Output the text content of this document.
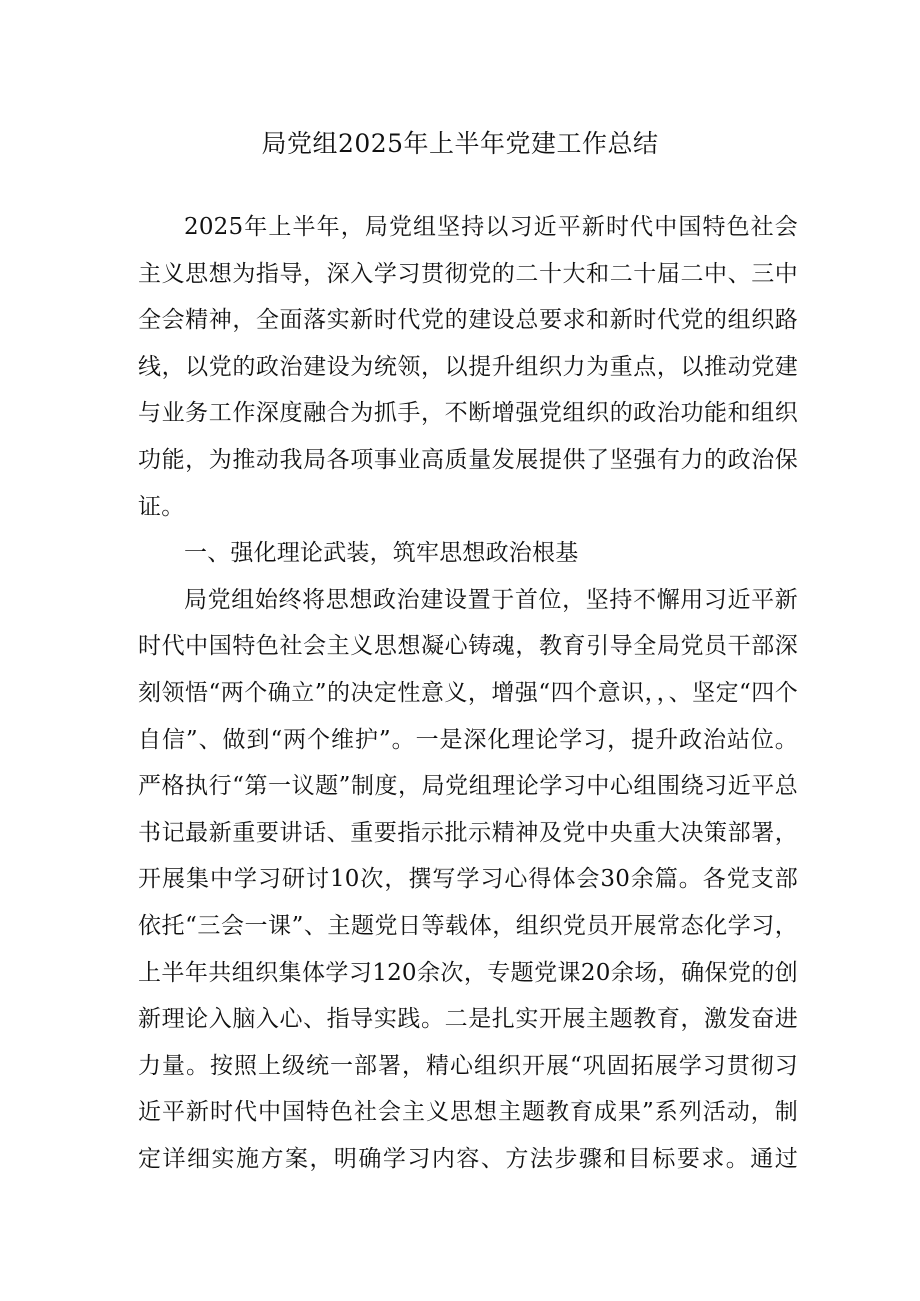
局党组2025年上半年党建工作总结

2025年上半年，局党组坚持以习近平新时代中国特色社会主义思想为指导，深入学习贯彻党的二十大和二十届二中、三中全会精神，全面落实新时代党的建设总要求和新时代党的组织路线，以党的政治建设为统领，以提升组织力为重点，以推动党建与业务工作深度融合为抓手，不断增强党组织的政治功能和组织功能，为推动我局各项事业高质量发展提供了坚强有力的政治保证。

一、强化理论武装，筑牢思想政治根基

局党组始终将思想政治建设置于首位，坚持不懈用习近平新时代中国特色社会主义思想凝心铸魂，教育引导全局党员干部深刻领悟“两个确立”的决定性意义，增强“四个意识，，、坚定“四个自信”、做到“两个维护”。一是深化理论学习，提升政治站位。严格执行“第一议题”制度，局党组理论学习中心组围绕习近平总书记最新重要讲话、重要指示批示精神及党中央重大决策部署，开展集中学习研讨10次，撰写学习心得体会30余篇。各党支部依托“三会一课”、主题党日等载体，组织党员开展常态化学习，上半年共组织集体学习120余次，专题党课20余场，确保党的创新理论入脑入心、指导实践。二是扎实开展主题教育，激发奋进力量。按照上级统一部署，精心组织开展“巩固拓展学习贯彻习近平新时代中国特色社会主义思想主题教育成果”系列活动，制定详细实施方案，明确学习内容、方法步骤和目标要求。通过
